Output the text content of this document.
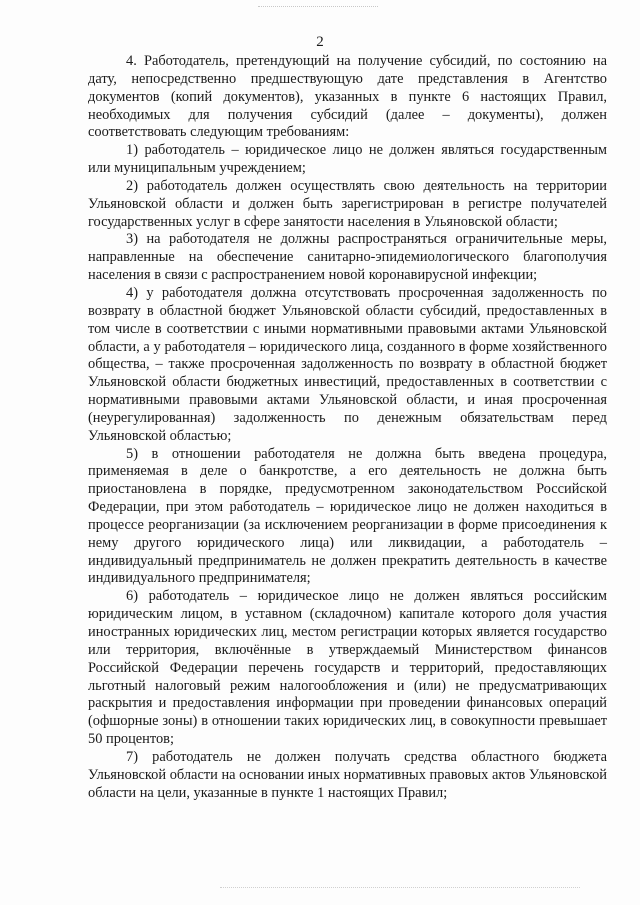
2

4. Работодатель, претендующий на получение субсидий, по состоянию на дату, непосредственно предшествующую дате представления в Агентство документов (копий документов), указанных в пункте 6 настоящих Правил, необходимых для получения субсидий (далее – документы), должен соответствовать следующим требованиям:

1) работодатель – юридическое лицо не должен являться государственным или муниципальным учреждением;

2) работодатель должен осуществлять свою деятельность на территории Ульяновской области и должен быть зарегистрирован в регистре получателей государственных услуг в сфере занятости населения в Ульяновской области;

3) на работодателя не должны распространяться ограничительные меры, направленные на обеспечение санитарно-эпидемиологического благополучия населения в связи с распространением новой коронавирусной инфекции;

4) у работодателя должна отсутствовать просроченная задолженность по возврату в областной бюджет Ульяновской области субсидий, предоставленных в том числе в соответствии с иными нормативными правовыми актами Ульяновской области, а у работодателя – юридического лица, созданного в форме хозяйственного общества, – также просроченная задолженность по возврату в областной бюджет Ульяновской области бюджетных инвестиций, предоставленных в соответствии с нормативными правовыми актами Ульяновской области, и иная просроченная (неурегулированная) задолженность по денежным обязательствам перед Ульяновской областью;

5) в отношении работодателя не должна быть введена процедура, применяемая в деле о банкротстве, а его деятельность не должна быть приостановлена в порядке, предусмотренном законодательством Российской Федерации, при этом работодатель – юридическое лицо не должен находиться в процессе реорганизации (за исключением реорганизации в форме присоединения к нему другого юридического лица) или ликвидации, а работодатель – индивидуальный предприниматель не должен прекратить деятельность в качестве индивидуального предпринимателя;

6) работодатель – юридическое лицо не должен являться российским юридическим лицом, в уставном (складочном) капитале которого доля участия иностранных юридических лиц, местом регистрации которых является государство или территория, включённые в утверждаемый Министерством финансов Российской Федерации перечень государств и территорий, предоставляющих льготный налоговый режим налогообложения и (или) не предусматривающих раскрытия и предоставления информации при проведении финансовых операций (офшорные зоны) в отношении таких юридических лиц, в совокупности превышает 50 процентов;

7) работодатель не должен получать средства областного бюджета Ульяновской области на основании иных нормативных правовых актов Ульяновской области на цели, указанные в пункте 1 настоящих Правил;
